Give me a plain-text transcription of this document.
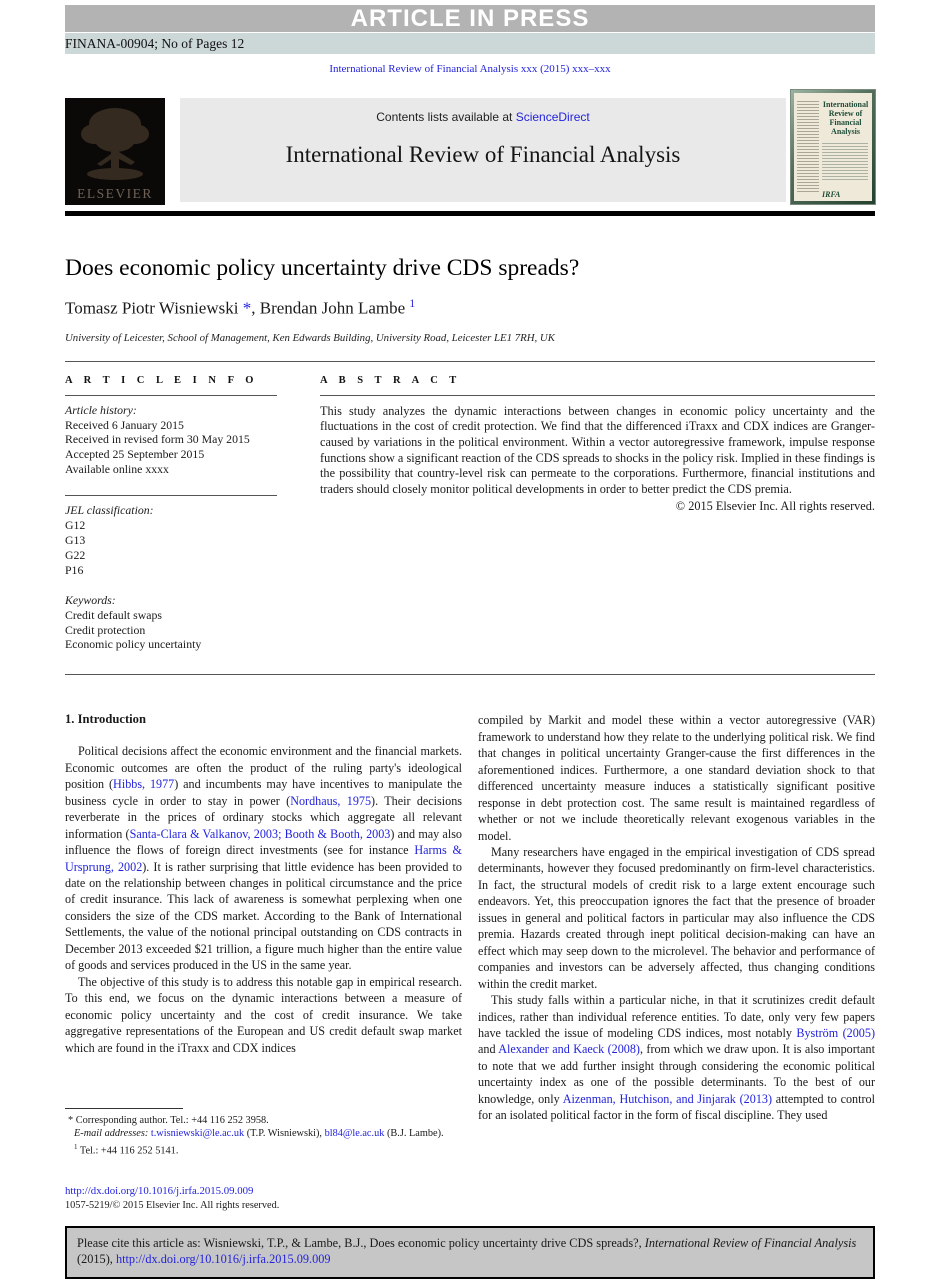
ARTICLE IN PRESS
FINANA-00904; No of Pages 12
International Review of Financial Analysis xxx (2015) xxx–xxx
ELSEVIER
Contents lists available at ScienceDirect
International Review of Financial Analysis
International Review of Financial Analysis
IRFA
Does economic policy uncertainty drive CDS spreads?
Tomasz Piotr Wisniewski *, Brendan John Lambe $^1$
University of Leicester, School of Management, Ken Edwards Building, University Road, Leicester LE1 7RH, UK
A R T I C L E I N F O
Article history:
Received 6 January 2015
Received in revised form 30 May 2015
Accepted 25 September 2015
Available online xxxx
JEL classification:
G12
G13
G22
P16
Keywords:
Credit default swaps
Credit protection
Economic policy uncertainty
A B S T R A C T

This study analyzes the dynamic interactions between changes in economic policy uncertainty and the fluctuations in the cost of credit protection. We find that the differenced iTraxx and CDX indices are Granger-caused by variations in the political environment. Within a vector autoregressive framework, impulse response functions show a significant reaction of the CDS spreads to shocks in the policy risk. Implied in these findings is the possibility that country-level risk can permeate to the corporations. Furthermore, financial institutions and traders should closely monitor political developments in order to better predict the CDS premia.

© 2015 Elsevier Inc. All rights reserved.
1. Introduction

Political decisions affect the economic environment and the financial markets. Economic outcomes are often the product of the ruling party's ideological position (Hibbs, 1977) and incumbents may have incentives to manipulate the business cycle in order to stay in power (Nordhaus, 1975). Their decisions reverberate in the prices of ordinary stocks which aggregate all relevant information (Santa-Clara & Valkanov, 2003; Booth & Booth, 2003) and may also influence the flows of foreign direct investments (see for instance Harms & Ursprung, 2002). It is rather surprising that little evidence has been provided to date on the relationship between changes in political circumstance and the price of credit insurance. This lack of awareness is somewhat perplexing when one considers the size of the CDS market. According to the Bank of International Settlements, the value of the notional principal outstanding on CDS contracts in December 2013 exceeded $21 trillion, a figure much higher than the entire value of goods and services produced in the US in the same year.

The objective of this study is to address this notable gap in empirical research. To this end, we focus on the dynamic interactions between a measure of economic policy uncertainty and the cost of credit insurance. We take aggregative representations of the European and US credit default swap market which are found in the iTraxx and CDX indices

* Corresponding author. Tel.: +44 116 252 3958.
E-mail addresses: t.wisniewski@le.ac.uk (T.P. Wisniewski), bl84@le.ac.uk (B.J. Lambe).
$^1$ Tel.: +44 116 252 5141.

compiled by Markit and model these within a vector autoregressive (VAR) framework to understand how they relate to the underlying political risk. We find that changes in political uncertainty Granger-cause the first differences in the aforementioned indices. Furthermore, a one standard deviation shock to that differenced uncertainty measure induces a statistically significant positive response in debt protection cost. The same result is maintained regardless of whether or not we include theoretically relevant exogenous variables in the model.

Many researchers have engaged in the empirical investigation of CDS spread determinants, however they focused predominantly on firm-level characteristics. In fact, the structural models of credit risk to a large extent encourage such endeavors. Yet, this preoccupation ignores the fact that the presence of broader issues in general and political factors in particular may also influence the CDS premia. Hazards created through inept political decision-making can have an effect which may seep down to the microlevel. The behavior and performance of companies and investors can be adversely affected, thus changing conditions within the credit market.

This study falls within a particular niche, in that it scrutinizes credit default indices, rather than individual reference entities. To date, only very few papers have tackled the issue of modeling CDS indices, most notably Byström (2005) and Alexander and Kaeck (2008), from which we draw upon. It is also important to note that we add further insight through considering the economic political uncertainty index as one of the possible determinants. To the best of our knowledge, only Aizenman, Hutchison, and Jinjarak (2013) attempted to control for an isolated political factor in the form of fiscal discipline. They used

http://dx.doi.org/10.1016/j.irfa.2015.09.009
1057-5219/© 2015 Elsevier Inc. All rights reserved.
Please cite this article as: Wisniewski, T.P., & Lambe, B.J., Does economic policy uncertainty drive CDS spreads?, International Review of Financial Analysis (2015), http://dx.doi.org/10.1016/j.irfa.2015.09.009
